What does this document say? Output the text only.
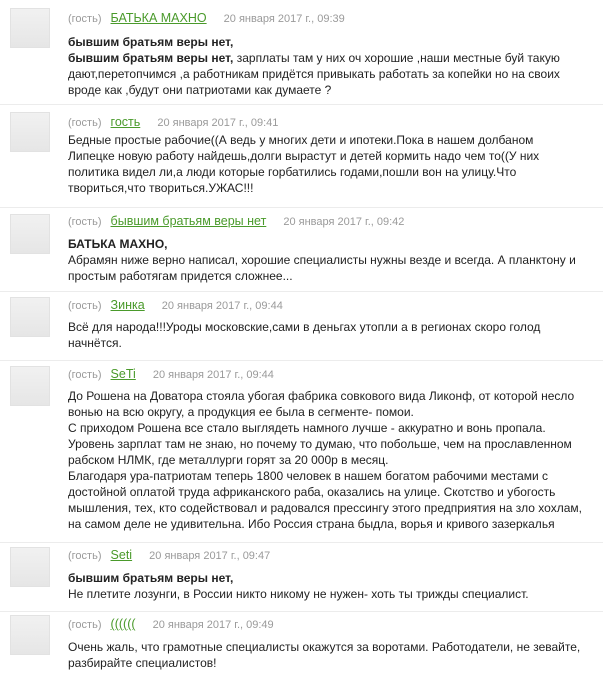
(гость) БАТЬКА МАХНО 20 января 2017 г., 09:39
бывшим братьям веры нет,
бывшим братьям веры нет, зарплаты там у них оч хорошие ,наши местные буй такую
дают,перетопчимся ,а работникам придётся привыкать работать за копейки но на своих
вроде как ,будут они патриотами как думаете ?
(гость) гость 20 января 2017 г., 09:41
Бедные простые рабочие((А ведь у многих дети и ипотеки.Пока в нашем долбаном
Липецке новую работу найдешь,долги вырастут и детей кормить надо чем то((У них
политика видел ли,а люди которые горбатились годами,пошли вон на улицу.Что
твориться,что твориться.УЖАС!!!
(гость) бывшим братьям веры нет 20 января 2017 г., 09:42
БАТЬКА МАХНО,
Абрамян ниже верно написал, хорошие специалисты нужны везде и всегда. А планктону и
простым работягам придется сложнее...
(гость) Зинка 20 января 2017 г., 09:44
Всё для народа!!!Уроды московские,сами в деньгах утопли а в регионах скоро голод
начнётся.
(гость) SeTi 20 января 2017 г., 09:44
До Рошена на Доватора стояла убогая фабрика совкового вида Ликонф, от которой несло
вонью на всю округу, а продукция ее была в сегменте- помои.
С приходом Рошена все стало выглядеть намного лучше - аккуратно и вонь пропала.
Уровень зарплат там не знаю, но почему то думаю, что побольше, чем на прославленном
рабском НЛМК, где металлурги горят за 20 000р в месяц.
Благодаря ура-патриотам теперь 1800 человек в нашем богатом рабочими местами с
достойной оплатой труда африканского раба, оказались на улице. Скотство и убогость
мышления, тех, кто содействовал и радовался прессингу этого предприятия на зло хохлам,
на самом деле не удивительна. Ибо Россия страна быдла, ворья и кривого зазеркалья
(гость) Seti 20 января 2017 г., 09:47
бывшим братьям веры нет,
Не плетите лозунги, в России никто никому не нужен- хоть ты трижды специалист.
(гость) (((((( 20 января 2017 г., 09:49
Очень жаль, что грамотные специалисты окажутся за воротами. Работодатели, не зевайте,
разбирайте специалистов!
